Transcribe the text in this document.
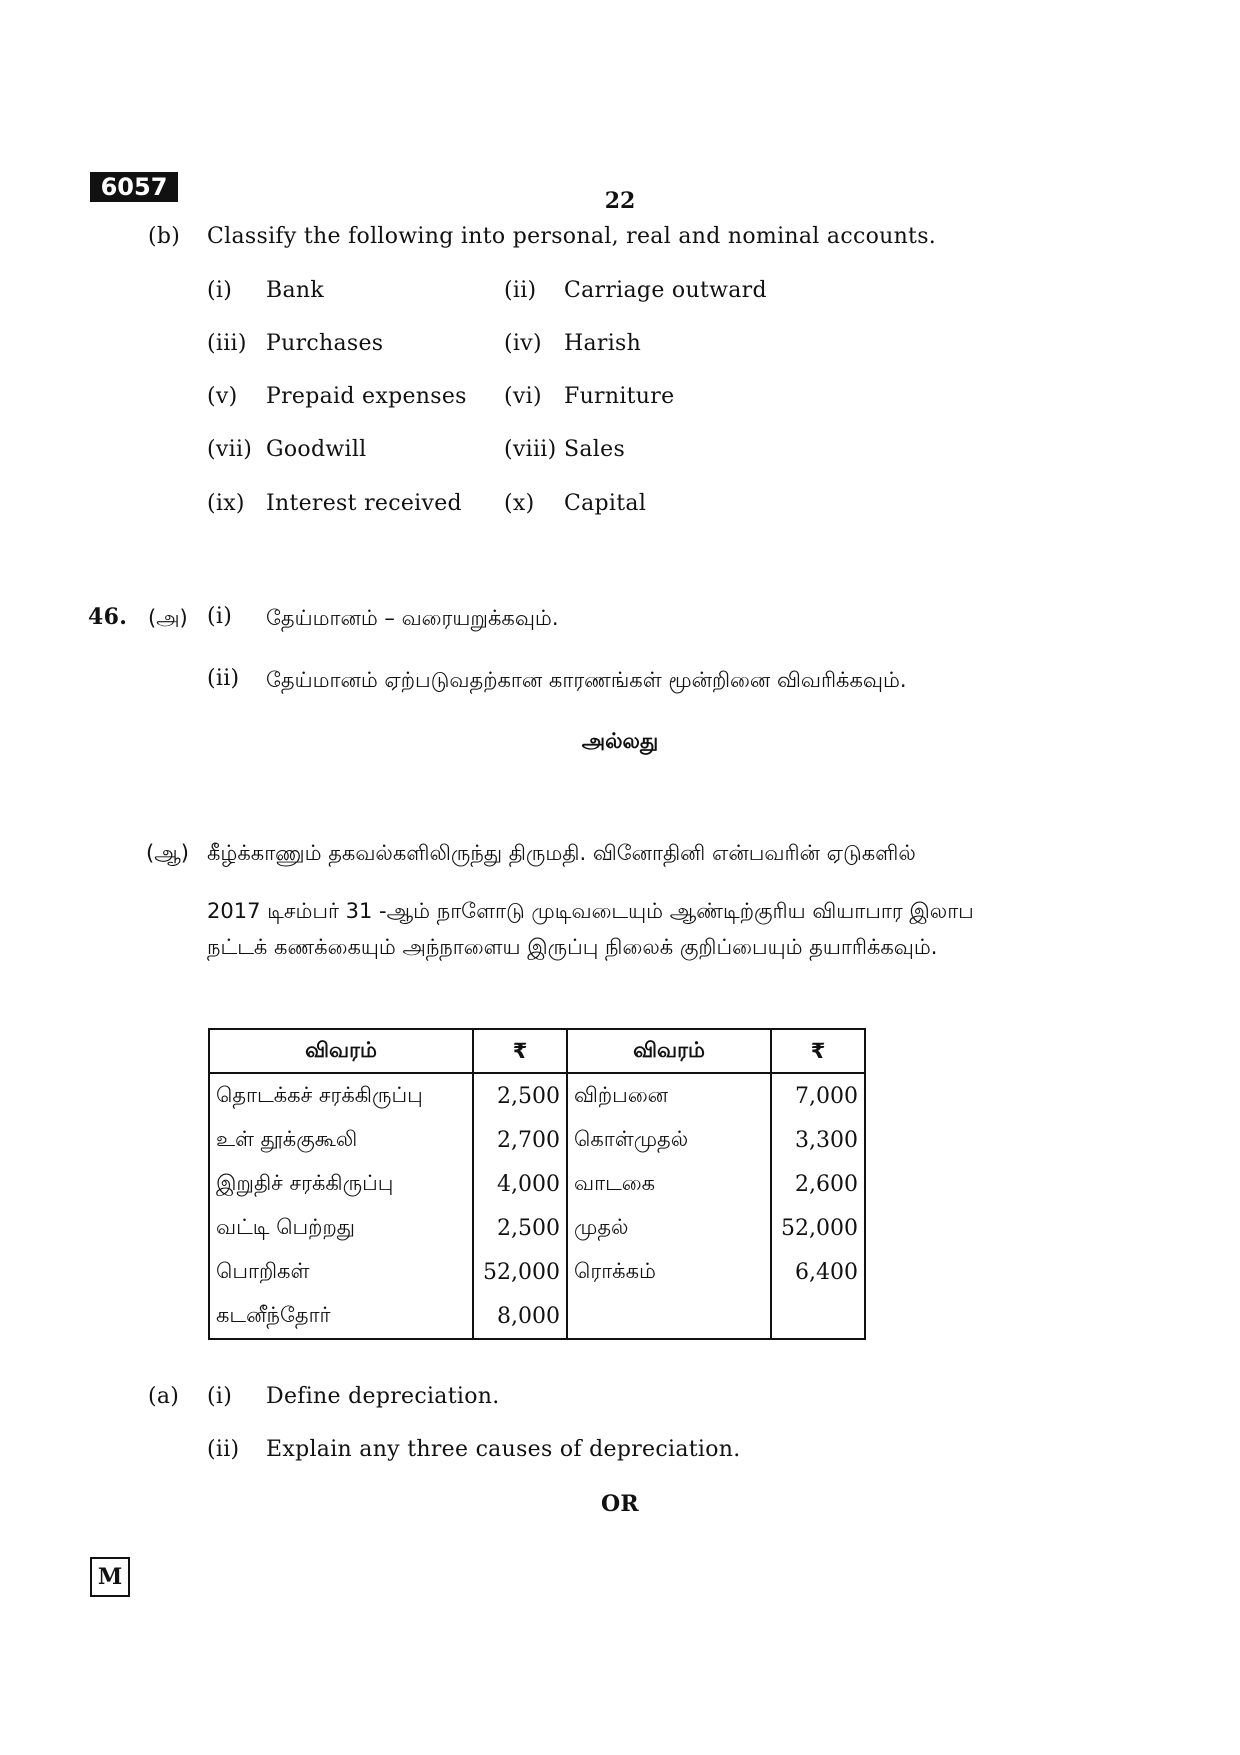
6057	22
(b) Classify the following into personal, real and nominal accounts.
(i) Bank	(ii) Carriage outward
(iii) Purchases	(iv) Harish
(v) Prepaid expenses (vi) Furniture
(vii) Goodwill	(viii) Sales
(ix) Interest received (x) Capital
46. (அ) (i) தேய்மானம் – வரையறுக்கவும்.
(ii) தேய்மானம் ஏற்படுவதற்கான காரணங்கள் மூன்றினை விவரிக்கவும்.
அல்லது
(ஆ) கீழ்க்காணும் தகவல்களிலிருந்து திருமதி. வினோதினி என்பவரின் ஏடுகளில்
2017 டிசம்பர் 31 -ஆம் நாளோடு முடிவடையும் ஆண்டிற்குரிய வியாபார இலாப
நட்டக் கணக்கையும் அந்நாளைய இருப்பு நிலைக் குறிப்பையும் தயாரிக்கவும்.
விவரம்	₹	விவரம்	₹
தொடக்கச் சரக்கிருப்பு	2,500	விற்பனை	7,000
உள் தூக்குகூலி	2,700	கொள்முதல்	3,300
இறுதிச் சரக்கிருப்பு	4,000	வாடகை	2,600
வட்டி பெற்றது	2,500	முதல்	52,000
பொறிகள்	52,000	ரொக்கம்	6,400
கடனீந்தோர்	8,000		
(a) (i) Define depreciation.
(ii) Explain any three causes of depreciation.
OR
M
